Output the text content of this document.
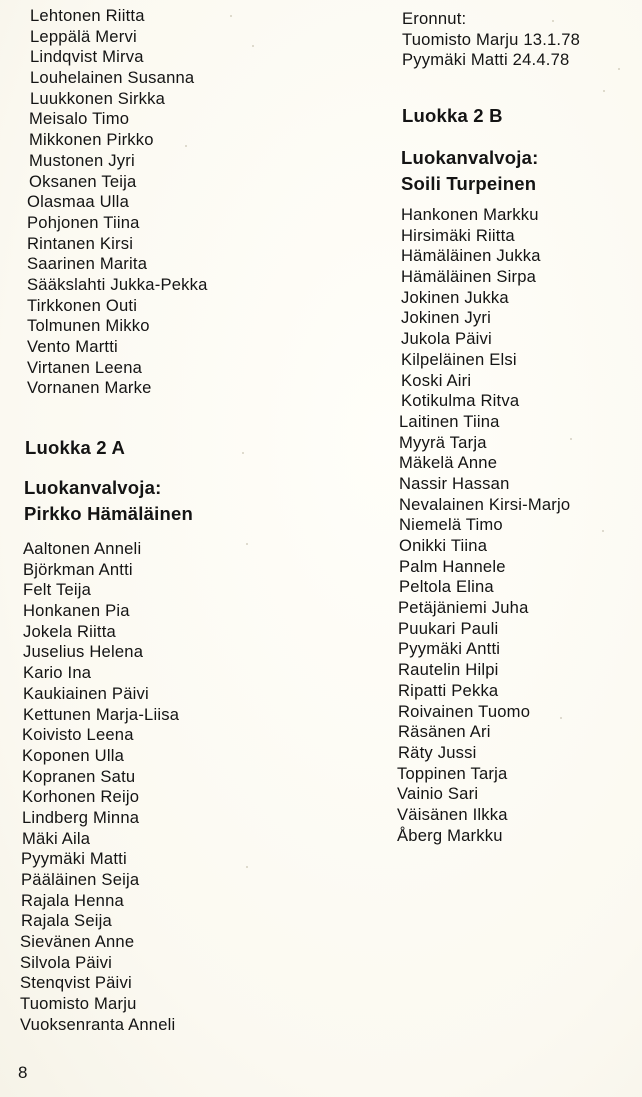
Lehtonen Riitta
Leppälä Mervi
Lindqvist Mirva
Louhelainen Susanna
Luukkonen Sirkka
Meisalo Timo
Mikkonen Pirkko
Mustonen Jyri
Oksanen Teija
Olasmaa Ulla
Pohjonen Tiina
Rintanen Kirsi
Saarinen Marita
Sääkslahti Jukka-Pekka
Tirkkonen Outi
Tolmunen Mikko
Vento Martti
Virtanen Leena
Vornanen Marke
Luokka 2 A
Luokanvalvoja:
Pirkko Hämäläinen
Aaltonen Anneli
Björkman Antti
Felt Teija
Honkanen Pia
Jokela Riitta
Juselius Helena
Kario Ina
Kaukiainen Päivi
Kettunen Marja-Liisa
Koivisto Leena
Koponen Ulla
Kopranen Satu
Korhonen Reijo
Lindberg Minna
Mäki Aila
Pyymäki Matti
Pääläinen Seija
Rajala Henna
Rajala Seija
Sievänen Anne
Silvola Päivi
Stenqvist Päivi
Tuomisto Marju
Vuoksenranta Anneli
Eronnut:
Tuomisto Marju 13.1.78
Pyymäki Matti 24.4.78
Luokka 2 B
Luokanvalvoja:
Soili Turpeinen
Hankonen Markku
Hirsimäki Riitta
Hämäläinen Jukka
Hämäläinen Sirpa
Jokinen Jukka
Jokinen Jyri
Jukola Päivi
Kilpeläinen Elsi
Koski Airi
Kotikulma Ritva
Laitinen Tiina
Myyrä Tarja
Mäkelä Anne
Nassir Hassan
Nevalainen Kirsi-Marjo
Niemelä Timo
Onikki Tiina
Palm Hannele
Peltola Elina
Petäjäniemi Juha
Puukari Pauli
Pyymäki Antti
Rautelin Hilpi
Ripatti Pekka
Roivainen Tuomo
Räsänen Ari
Räty Jussi
Toppinen Tarja
Vainio Sari
Väisänen Ilkka
Åberg Markku
8
